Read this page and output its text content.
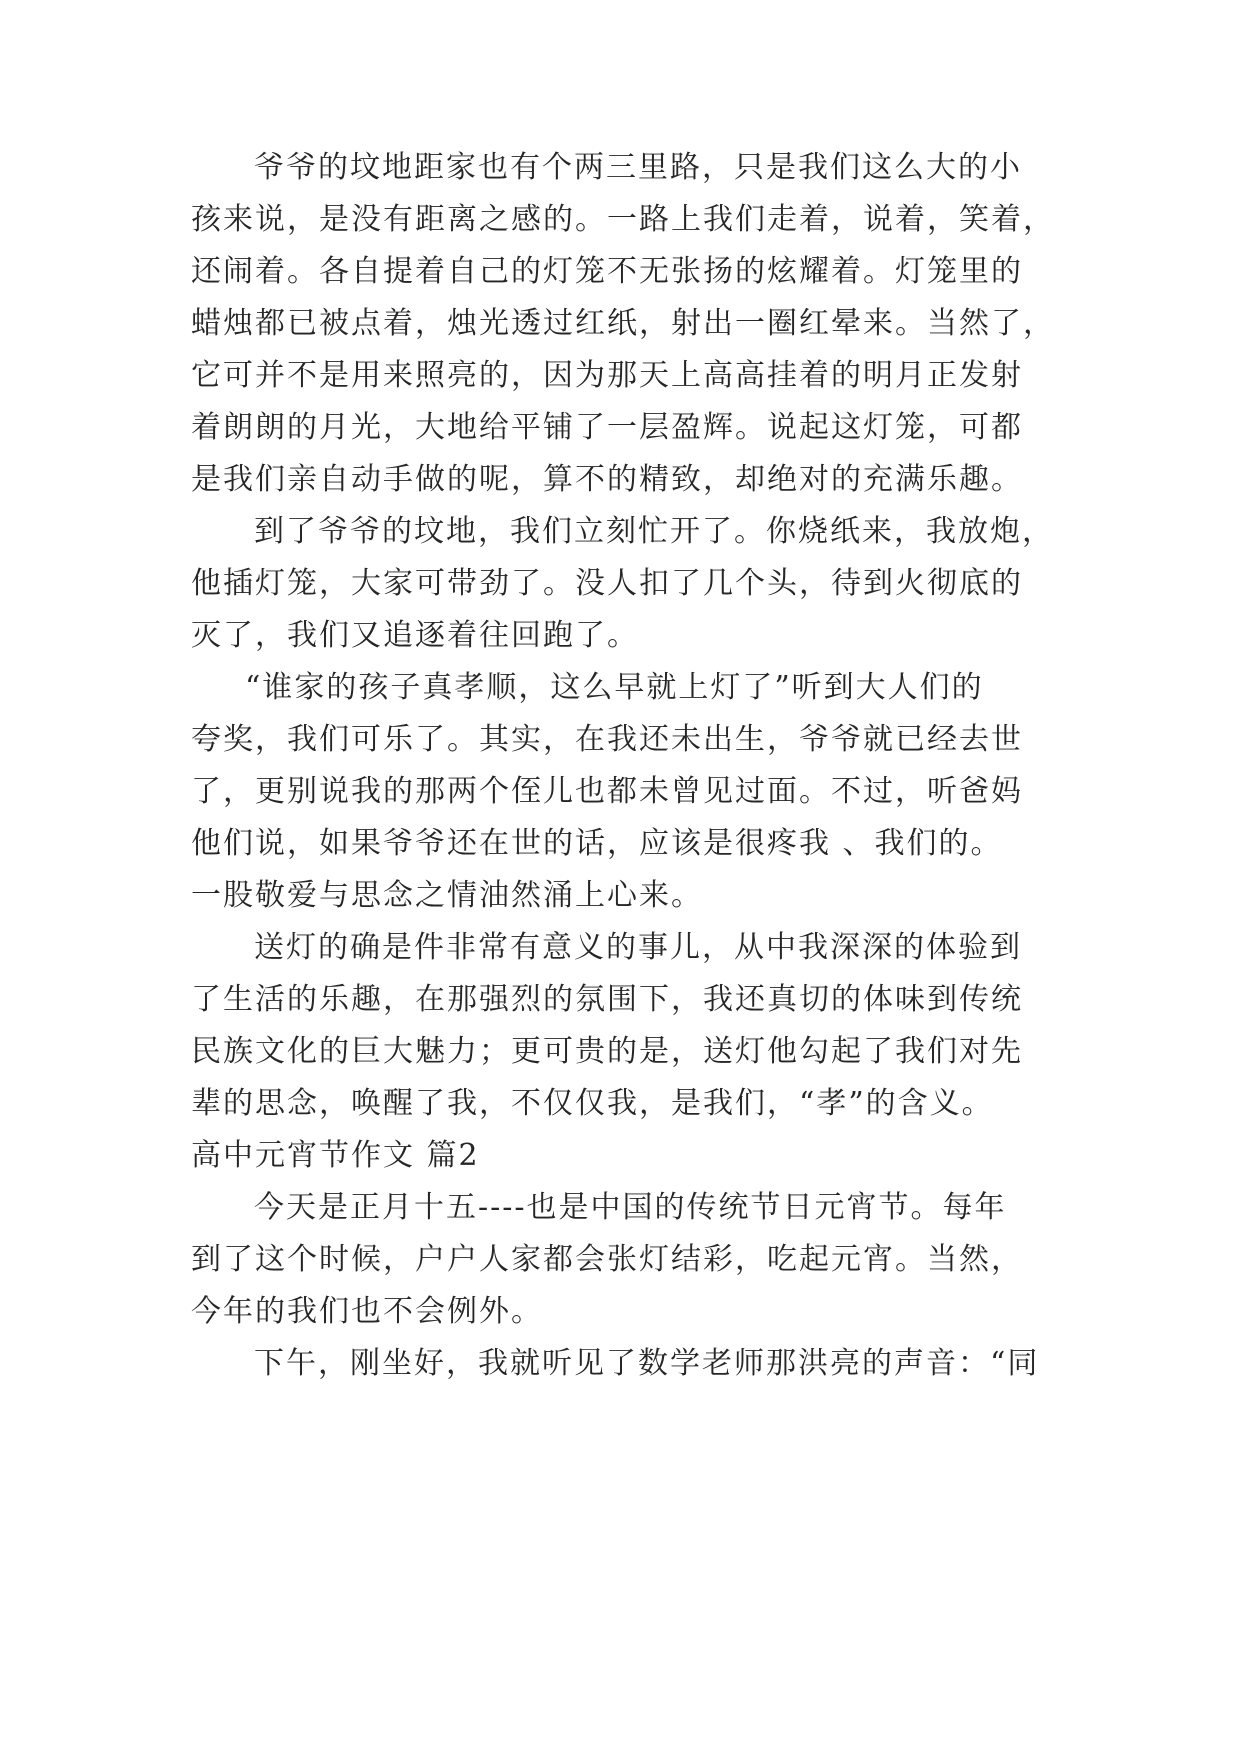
爷爷的坟地距家也有个两三里路，只是我们这么大的小
孩来说，是没有距离之感的。一路上我们走着，说着，笑着，
还闹着。各自提着自己的灯笼不无张扬的炫耀着。灯笼里的
蜡烛都已被点着，烛光透过红纸，射出一圈红晕来。当然了，
它可并不是用来照亮的，因为那天上高高挂着的明月正发射
着朗朗的月光，大地给平铺了一层盈辉。说起这灯笼，可都
是我们亲自动手做的呢，算不的精致，却绝对的充满乐趣。
到了爷爷的坟地，我们立刻忙开了。你烧纸来，我放炮，
他插灯笼，大家可带劲了。没人扣了几个头，待到火彻底的
灭了，我们又追逐着往回跑了。
“谁家的孩子真孝顺，这么早就上灯了”听到大人们的
夸奖，我们可乐了。其实，在我还未出生，爷爷就已经去世
了，更别说我的那两个侄儿也都未曾见过面。不过，听爸妈
他们说，如果爷爷还在世的话，应该是很疼我 、我们的。
一股敬爱与思念之情油然涌上心来。
送灯的确是件非常有意义的事儿，从中我深深的体验到
了生活的乐趣，在那强烈的氛围下，我还真切的体味到传统
民族文化的巨大魅力；更可贵的是，送灯他勾起了我们对先
辈的思念，唤醒了我，不仅仅我，是我们，“孝”的含义。
高中元宵节作文 篇2
今天是正月十五----也是中国的传统节日元宵节。每年
到了这个时候，户户人家都会张灯结彩，吃起元宵。当然，
今年的我们也不会例外。
下午，刚坐好，我就听见了数学老师那洪亮的声音：“同
